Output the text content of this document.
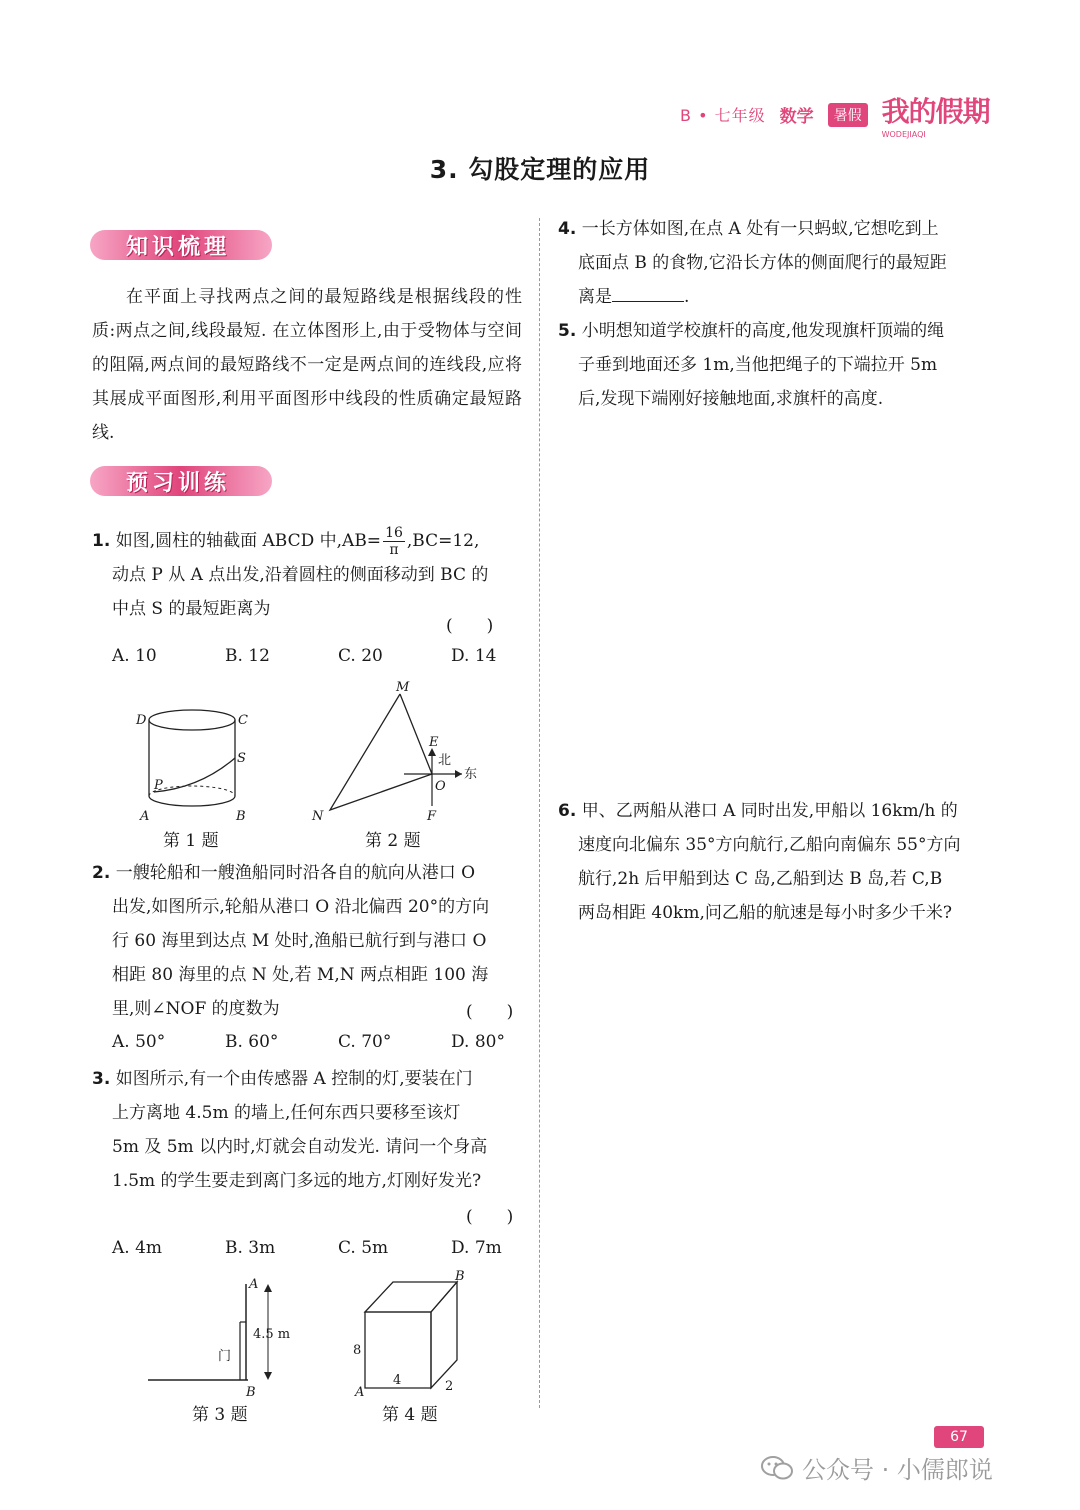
B • 七年级 数学	暑假 我的假期
WODEJIAQI
3. 勾股定理的应用
知识梳理
在平面上寻找两点之间的最短路线是根据线段的性质:两点之间,线段最短. 在立体图形上,由于受物体与空间的阻隔,两点间的最短路线不一定是两点间的连线段,应将其展成平面图形,利用平面图形中线段的性质确定最短路线.
预习训练
1. 如图,圆柱的轴截面 ABCD 中$,AB= \frac{16}{\pi} ,BC=12$,
动点 P 从 A 点出发,沿着圆柱的侧面移动到 BC 的
中点 S 的最短距离为
(　　)
A. 10	B. 12	C. 20	D. 14
D	C
S
P
A	B
第 1 题
M
E
北
东
O
N	F
第 2 题
2. 一艘轮船和一艘渔船同时沿各自的航向从港口 O
出发,如图所示,轮船从港口 O 沿北偏西 20°的方向
行 60 海里到达点 M 处时,渔船已航行到与港口 O
相距 80 海里的点 N 处,若 M,N 两点相距 100 海
里,则∠NOF 的度数为	(　　)
A. 50°	B. 60°	C. 70°	D. 80°
3. 如图所示,有一个由传感器 A 控制的灯,要装在门
上方离地 4.5m 的墙上,任何东西只要移至该灯
5m 及 5m 以内时,灯就会自动发光. 请问一个身高
1.5m 的学生要走到离门多远的地方,灯刚好发光?
(　　)
A. 4m	B. 3m	C. 5m	D. 7m
A
4.5 m
门
B
第 3 题
B
8
4	2
A
第 4 题
4. 一长方体如图,在点 A 处有一只蚂蚁,它想吃到上
底面点 B 的食物,它沿长方体的侧面爬行的最短距
离是	.
5. 小明想知道学校旗杆的高度,他发现旗杆顶端的绳
子垂到地面还多 1m,当他把绳子的下端拉开 5m
后,发现下端刚好接触地面,求旗杆的高度.
6. 甲、乙两船从港口 A 同时出发,甲船以 16km/h 的
速度向北偏东 35°方向航行,乙船向南偏东 55°方向
航行,2h 后甲船到达 C 岛,乙船到达 B 岛,若 C,B
两岛相距 40km,问乙船的航速是每小时多少千米?
67
公众号 · 小儒郎说
